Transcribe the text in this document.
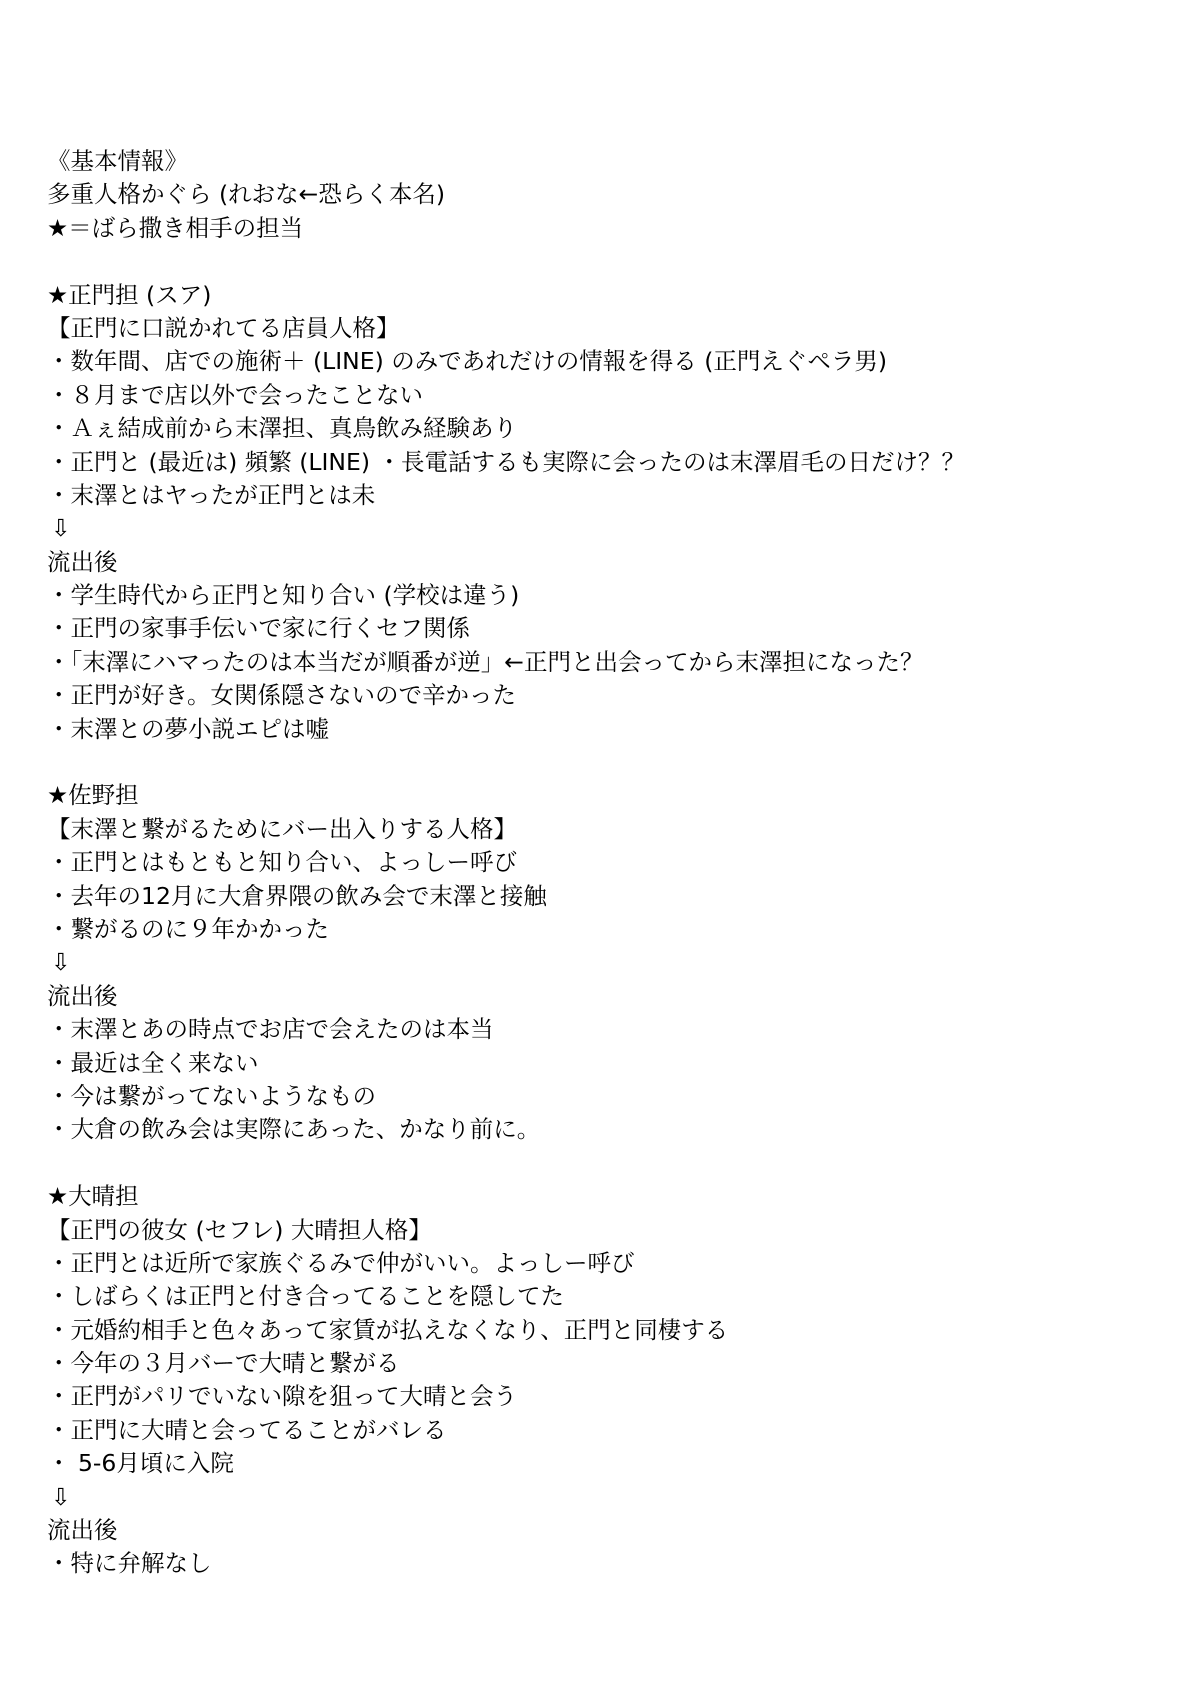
《基本情報》
多重人格かぐら (れおな←恐らく本名)
★＝ばら撒き相手の担当
★正門担 (スア)
【正門に口説かれてる店員人格】
・数年間、店での施術＋ (LINE) のみであれだけの情報を得る (正門えぐペラ男)
・８月まで店以外で会ったことない
・Ａぇ結成前から末澤担、真鳥飲み経験あり
・正門と (最近は) 頻繁 (LINE) ・長電話するも実際に会ったのは末澤眉毛の日だけ？？
・末澤とはヤったが正門とは未
⇩
流出後
・学生時代から正門と知り合い (学校は違う)
・正門の家事手伝いで家に行くセフ関係
・「末澤にハマったのは本当だが順番が逆」←正門と出会ってから末澤担になった？
・正門が好き。女関係隠さないので辛かった
・末澤との夢小説エピは嘘
★佐野担
【末澤と繋がるためにバー出入りする人格】
・正門とはもともと知り合い、よっしー呼び
・去年の12月に大倉界隈の飲み会で末澤と接触
・繋がるのに９年かかった
⇩
流出後
・末澤とあの時点でお店で会えたのは本当
・最近は全く来ない
・今は繋がってないようなもの
・大倉の飲み会は実際にあった、かなり前に。
★大晴担
【正門の彼女 (セフレ) 大晴担人格】
・正門とは近所で家族ぐるみで仲がいい。よっしー呼び
・しばらくは正門と付き合ってることを隠してた
・元婚約相手と色々あって家賃が払えなくなり、正門と同棲する
・今年の３月バーで大晴と繋がる
・正門がパリでいない隙を狙って大晴と会う
・正門に大晴と会ってることがバレる
・ 5-6月頃に入院
⇩
流出後
・特に弁解なし
